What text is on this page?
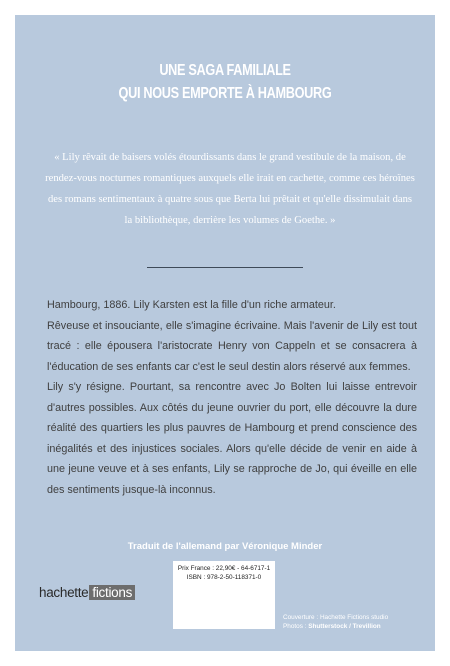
UNE SAGA FAMILIALE
QUI NOUS EMPORTE À HAMBOURG
« Lily rêvait de baisers volés étourdissants dans le grand vestibule de la maison, de rendez-vous nocturnes romantiques auxquels elle irait en cachette, comme ces héroïnes des romans sentimentaux à quatre sous que Berta lui prêtait et qu'elle dissimulait dans la bibliothèque, derrière les volumes de Goethe. »

Hambourg, 1886. Lily Karsten est la fille d'un riche armateur.

Rêveuse et insouciante, elle s'imagine écrivaine. Mais l'avenir de Lily est tout tracé : elle épousera l'aristocrate Henry von Cappeln et se consacrera à l'éducation de ses enfants car c'est le seul destin alors réservé aux femmes.

Lily s'y résigne. Pourtant, sa rencontre avec Jo Bolten lui laisse entrevoir d'autres possibles. Aux côtés du jeune ouvrier du port, elle découvre la dure réalité des quartiers les plus pauvres de Hambourg et prend conscience des inégalités et des injustices sociales. Alors qu'elle décide de venir en aide à une jeune veuve et à ses enfants, Lily se rapproche de Jo, qui éveille en elle des sentiments jusque-là inconnus.

Traduit de l'allemand par Véronique Minder
hachette fictions
Prix France : 22,90€ - 64-6717-1
ISBN : 978-2-50-118371-0
Couverture : Hachette Fictions studio
Photos : Shutterstock / Trevillion
